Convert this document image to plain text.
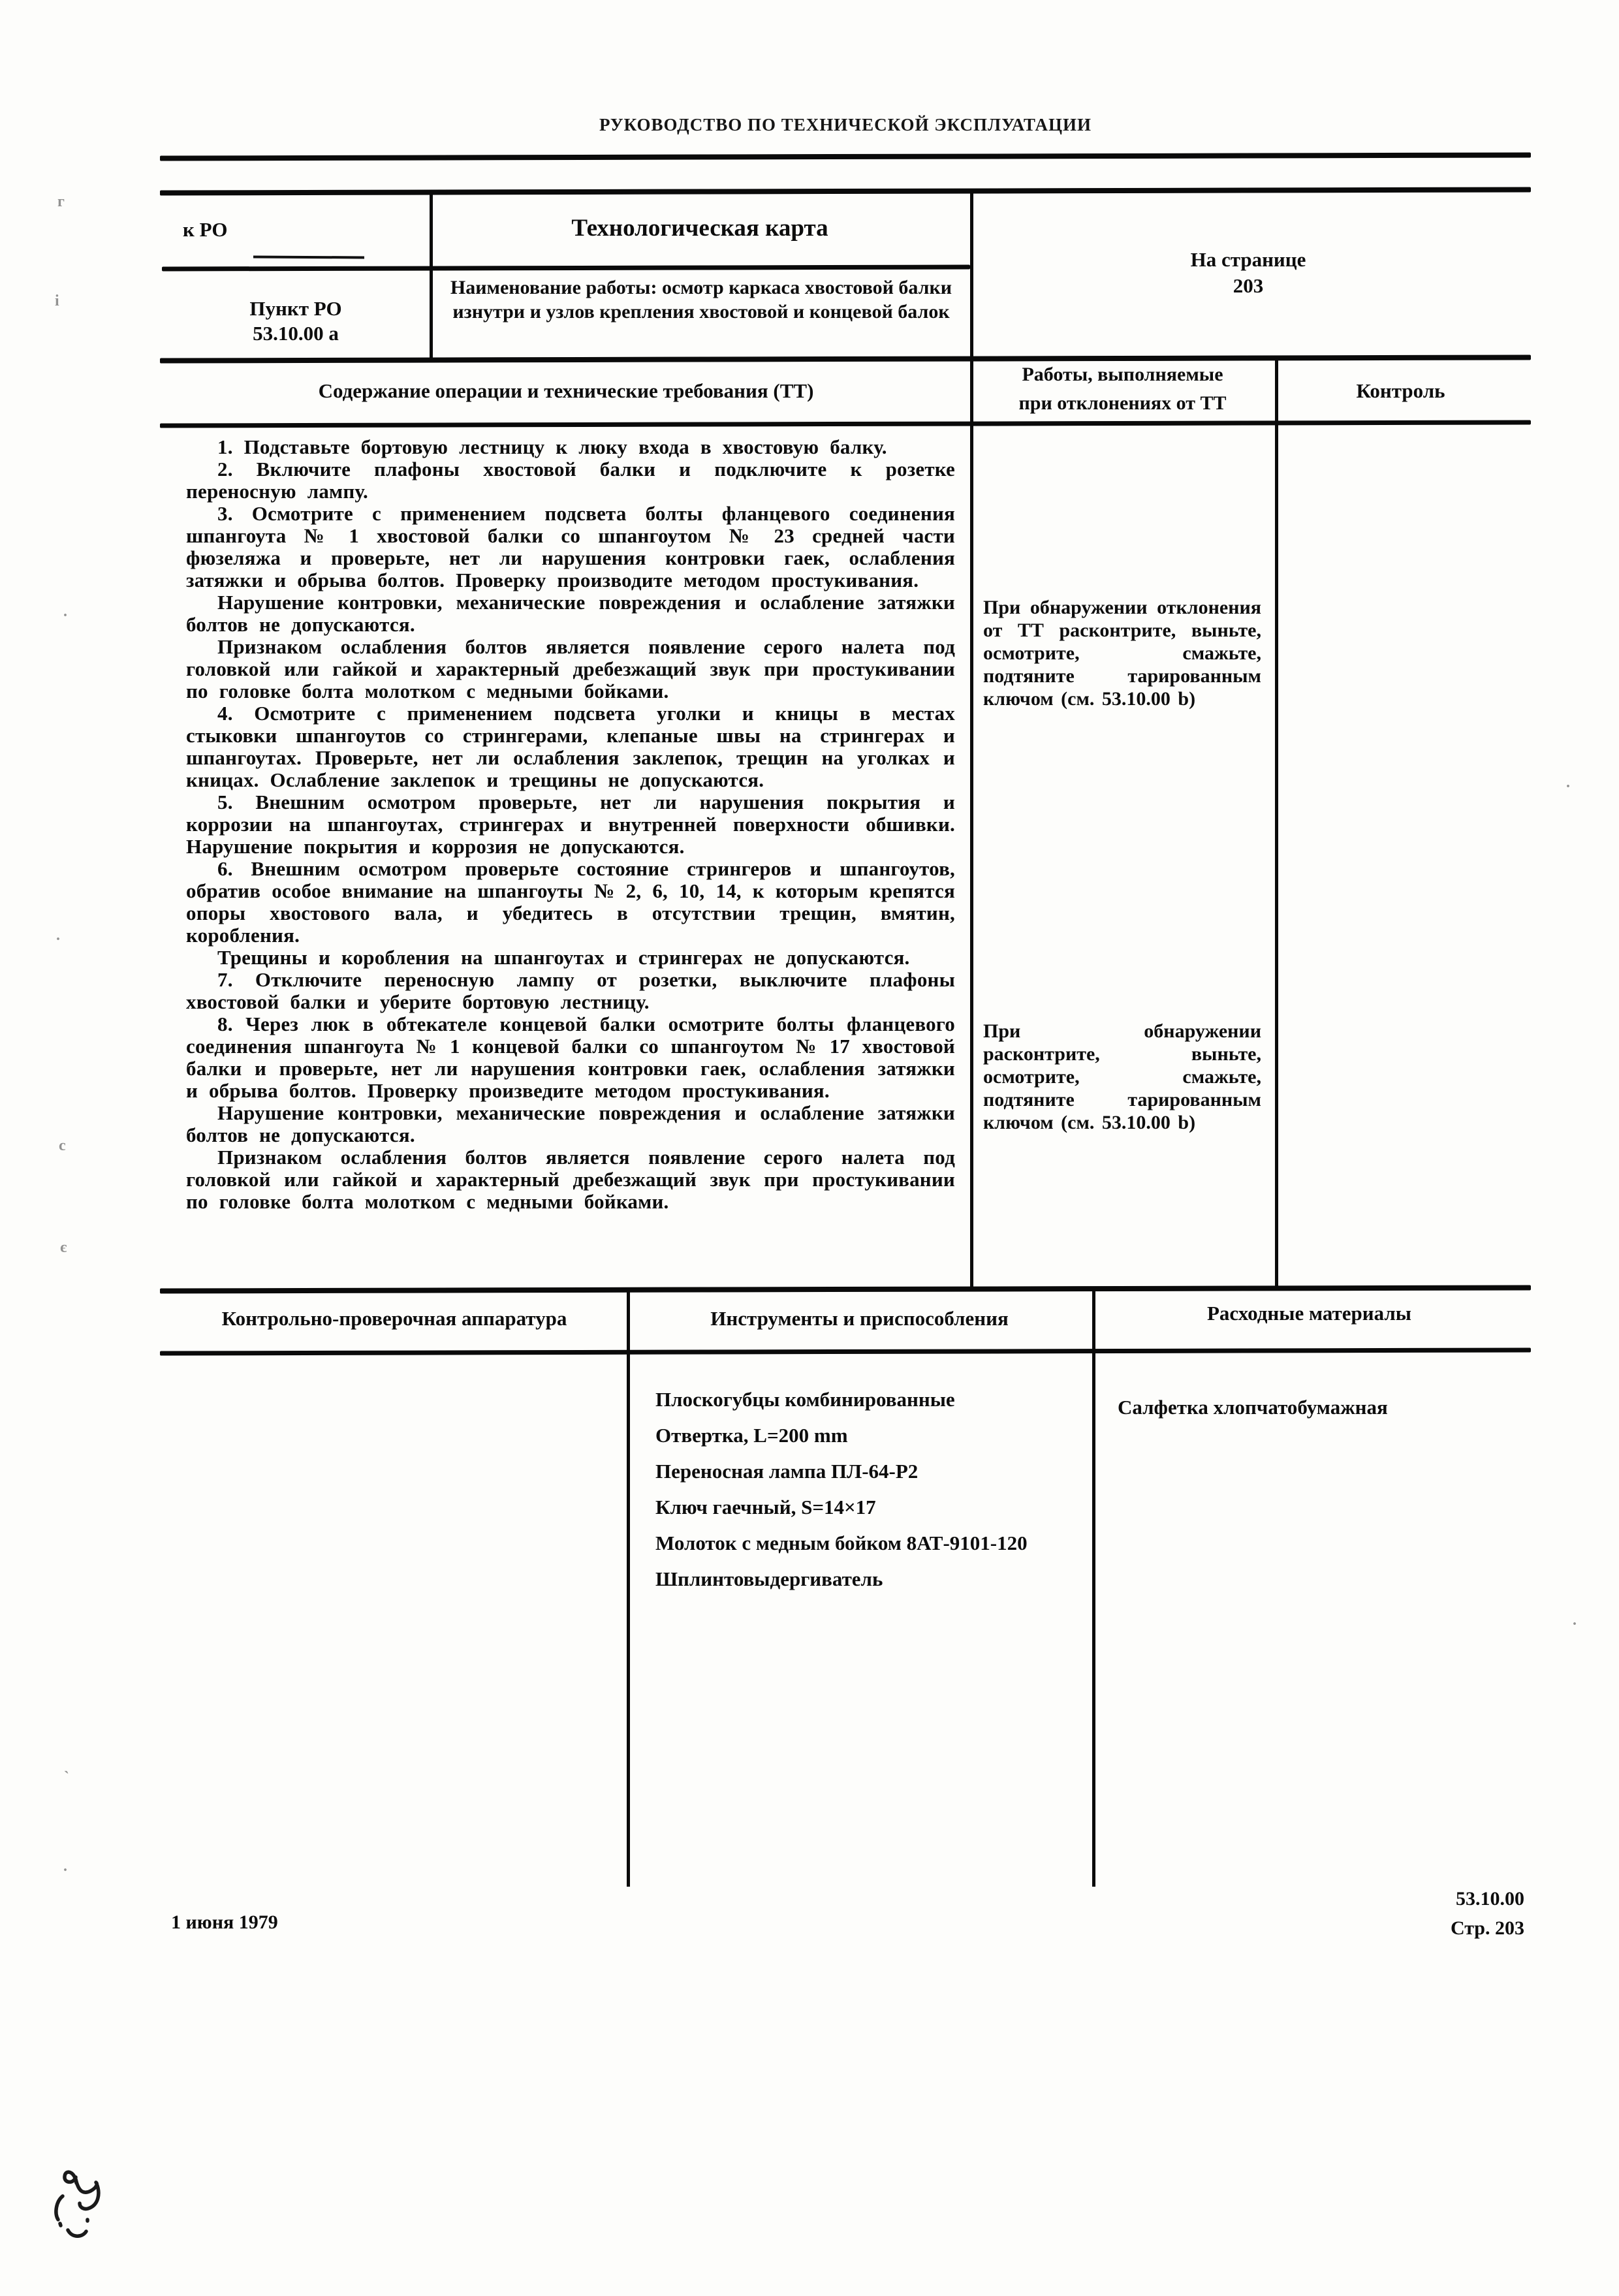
РУКОВОДСТВО ПО ТЕХНИЧЕСКОЙ ЭКСПЛУАТАЦИИ
к РО
Пункт РО
53.10.00 а
Технологическая карта
Наименование работы: осмотр каркаса хвостовой балки изнутри и узлов крепления хвостовой и концевой балок
На странице
203
Содержание операции и технические требования (ТТ)
Работы, выполняемые
при отклонениях от ТТ
Контроль

1. Подставьте бортовую лестницу к люку входа в хвостовую балку.

2. Включите плафоны хвостовой балки и подключите к розетке переносную лампу.

3. Осмотрите с применением подсвета болты фланцевого соединения шпангоута № 1 хвостовой балки со шпангоутом № 23 средней части фюзеляжа и проверьте, нет ли нарушения контровки гаек, ослабления затяжки и обрыва болтов. Проверку производите методом простукивания.

Нарушение контровки, механические повреждения и ослабление затяжки болтов не допускаются.

Признаком ослабления болтов является появление серого налета под головкой или гайкой и характерный дребезжащий звук при простукивании по головке болта молотком с медными бойками.

4. Осмотрите с применением подсвета уголки и кницы в местах стыковки шпангоутов со стрингерами, клепаные швы на стрингерах и шпангоутах. Проверьте, нет ли ослабления заклепок, трещин на уголках и кницах. Ослабление заклепок и трещины не допускаются.

5. Внешним осмотром проверьте, нет ли нарушения покрытия и коррозии на шпангоутах, стрингерах и внутренней поверхности обшивки. Нарушение покрытия и коррозия не допускаются.

6. Внешним осмотром проверьте состояние стрингеров и шпангоутов, обратив особое внимание на шпангоуты № 2, 6, 10, 14, к которым крепятся опоры хвостового вала, и убедитесь в отсутствии трещин, вмятин, коробления.

Трещины и коробления на шпангоутах и стрингерах не допускаются.

7. Отключите переносную лампу от розетки, выключите плафоны хвостовой балки и уберите бортовую лестницу.

8. Через люк в обтекателе концевой балки осмотрите болты фланцевого соединения шпангоута № 1 концевой балки со шпангоутом № 17 хвостовой балки и проверьте, нет ли нарушения контровки гаек, ослабления затяжки и обрыва болтов. Проверку произведите методом простукивания.

Нарушение контровки, механические повреждения и ослабление затяжки болтов не допускаются.

Признаком ослабления болтов является появление серого налета под головкой или гайкой и характерный дребезжащий звук при простукивании по головке болта молотком с медными бойками.

При обнаружении отклонения от ТТ расконтрите, выньте, осмотрите, смажьте, подтяните тарированным ключом (см. 53.10.00 b)
При обнаружении расконтрите, выньте, осмотрите, смажьте, подтяните тарированным ключом (см. 53.10.00 b)
Контрольно-проверочная аппаратура	Инструменты и приспособления	Расходные материалы
Плоскогубцы комбинированные
Отвертка, L=200 mm
Переносная лампа ПЛ-64-Р2
Ключ гаечный, S=14×17
Молоток с медным бойком 8АТ-9101-120
Шплинтовыдергиватель
Салфетка хлопчатобумажная
1 июня 1979
53.10.00
Стр. 203
г
і
·
.
с
є
`
·
·
·
